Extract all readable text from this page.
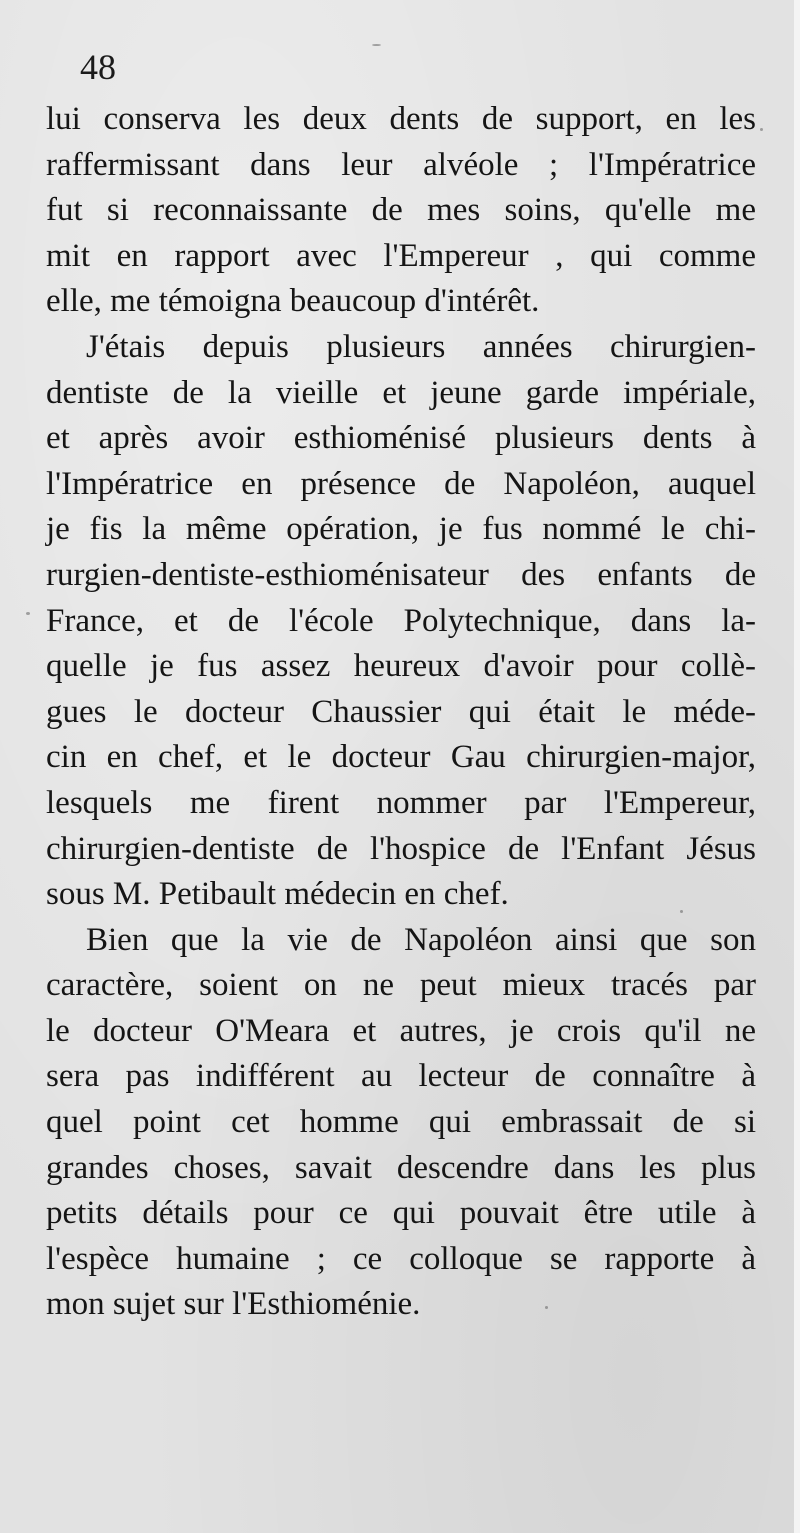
48
lui conserva les deux dents de support, en les
raffermissant dans leur alvéole ; l'Impératrice
fut si reconnaissante de mes soins, qu'elle me
mit en rapport avec l'Empereur , qui comme
elle, me témoigna beaucoup d'intérêt.
J'étais depuis plusieurs années chirurgien-
dentiste de la vieille et jeune garde impériale,
et après avoir esthioménisé plusieurs dents à
l'Impératrice en présence de Napoléon, auquel
je fis la même opération, je fus nommé le chi-
rurgien-dentiste-esthioménisateur des enfants de
France, et de l'école Polytechnique, dans la-
quelle je fus assez heureux d'avoir pour collè-
gues le docteur Chaussier qui était le méde-
cin en chef, et le docteur Gau chirurgien-major,
lesquels me firent nommer par l'Empereur,
chirurgien-dentiste de l'hospice de l'Enfant Jésus
sous M. Petibault médecin en chef.
Bien que la vie de Napoléon ainsi que son
caractère, soient on ne peut mieux tracés par
le docteur O'Meara et autres, je crois qu'il ne
sera pas indifférent au lecteur de connaître à
quel point cet homme qui embrassait de si
grandes choses, savait descendre dans les plus
petits détails pour ce qui pouvait être utile à
l'espèce humaine ; ce colloque se rapporte à
mon sujet sur l'Esthioménie.
